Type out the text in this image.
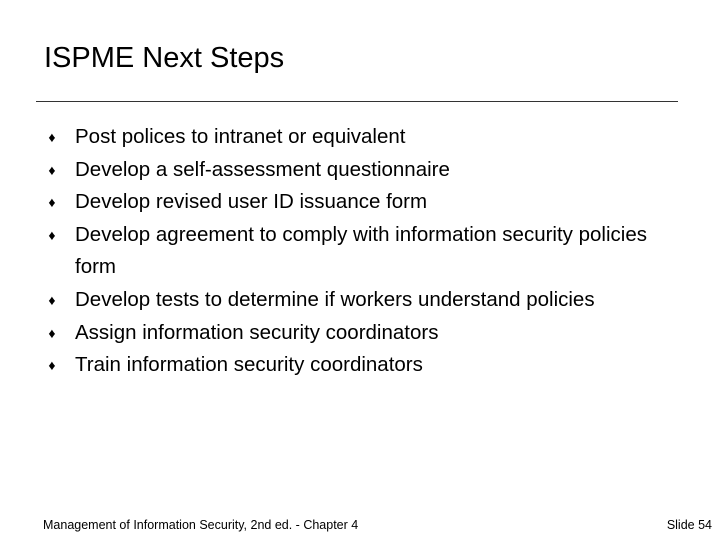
ISPME Next Steps
♦ Post polices to intranet or equivalent
♦ Develop a self-assessment questionnaire
♦ Develop revised user ID issuance form
♦ Develop agreement to comply with information security policies form
♦ Develop tests to determine if workers understand policies
♦ Assign information security coordinators
♦ Train information security coordinators
Management of Information Security, 2nd ed. - Chapter 4	Slide 54
